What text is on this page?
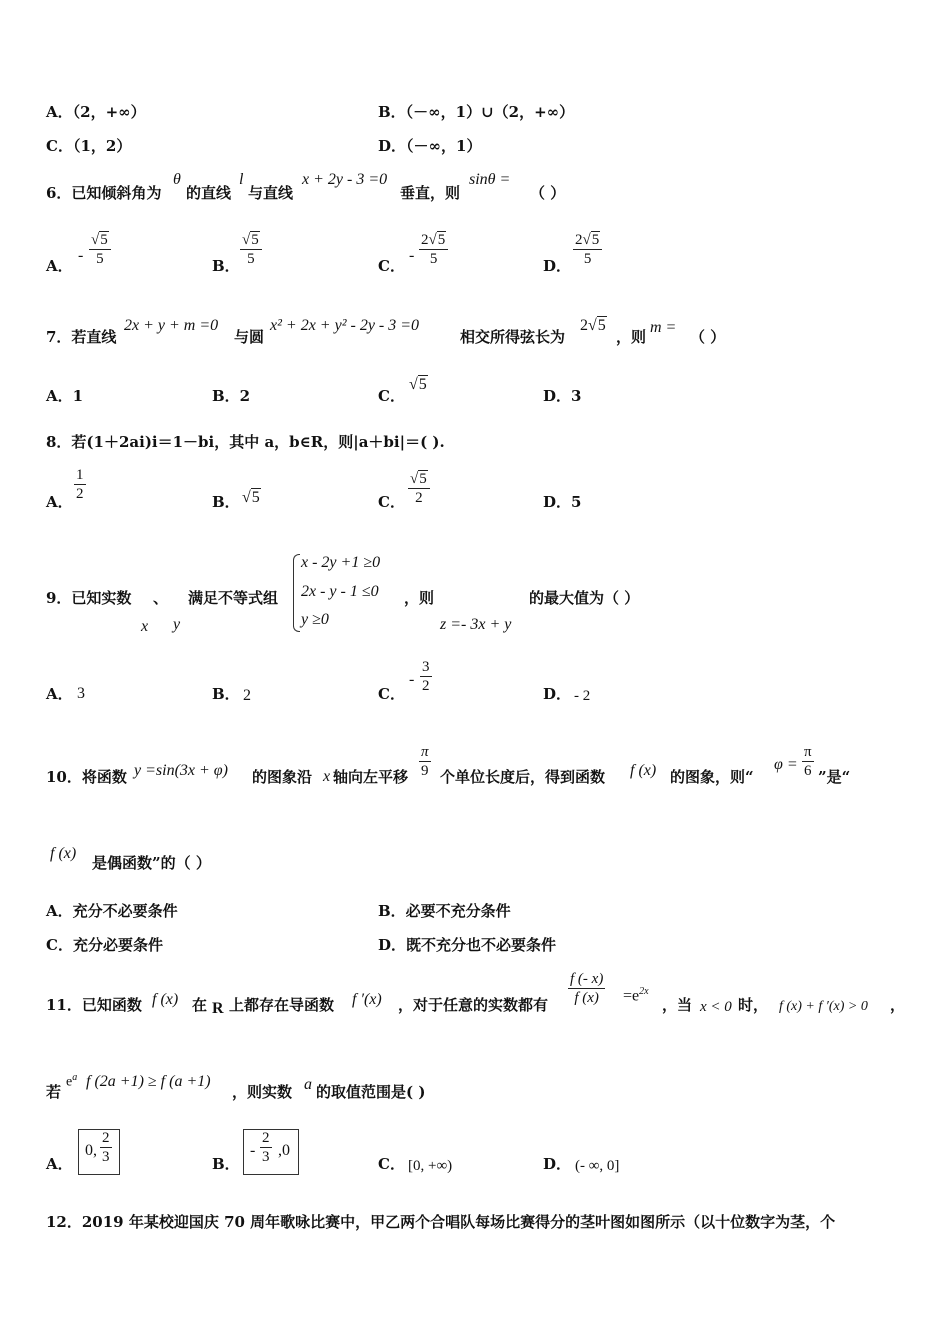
A．（2，+∞）	B．（－∞，1）∪（2，+∞）
C．（1，2）	D．（－∞，1）
6．已知倾斜角为
θ
的直线
l
与直线
x + 2y - 3 =0
垂直，则
sinθ =
（ ）
A．
-
√5
5	B．
√5
5	C．
-
2√5
5	D．
2√5
5
7．若直线
2x + y + m =0
与圆
x² + 2x + y² - 2y - 3 =0
相交所得弦长为
2√5
，则
m =
（ ）
A．1	B．2	C．
√5
D．3
8．若(1＋2ai)i＝1－bi，其中 a，b∈R，则|a＋bi|＝( ).
A．
1
2	B． √5	C．
√5
2	D．5
9．已知实数 、 满足不等式组
x y
x - 2y +1 ≥0
2x - y - 1 ≤0
y ≥0
，则
z =- 3x + y
的最大值为（ ）
A． 3	B． 2	C．
-
3
2	D． - 2
10．将函数 y =sin(3x + φ) 的图象沿 x 轴向左平移
π
9 个单位长度后，得到函数 f (x) 的图象，则“
φ =
π
6 ”是“
f (x)
是偶函数”的（ ）
A．充分不必要条件	B．必要不充分条件
C．充分必要条件	D．既不充分也不必要条件
11．已知函数 f (x) 在 R 上都存在导函数 f ′(x) ，对于任意的实数都有
f (- x)
f $(x) =e^{2x}$
，当 x < 0 时， f (x) + f ′(x) > 0 ，
若
$e^a$ f (2a +1) ≥ f (a +1)
，则实数 a 的取值范围是( )
A．
0,
2
3	B．
-
2
3 ,0
C． [0, +∞)	D． (- ∞, 0]
12．2019 年某校迎国庆 70 周年歌咏比赛中，甲乙两个合唱队每场比赛得分的茎叶图如图所示（以十位数字为茎，个
